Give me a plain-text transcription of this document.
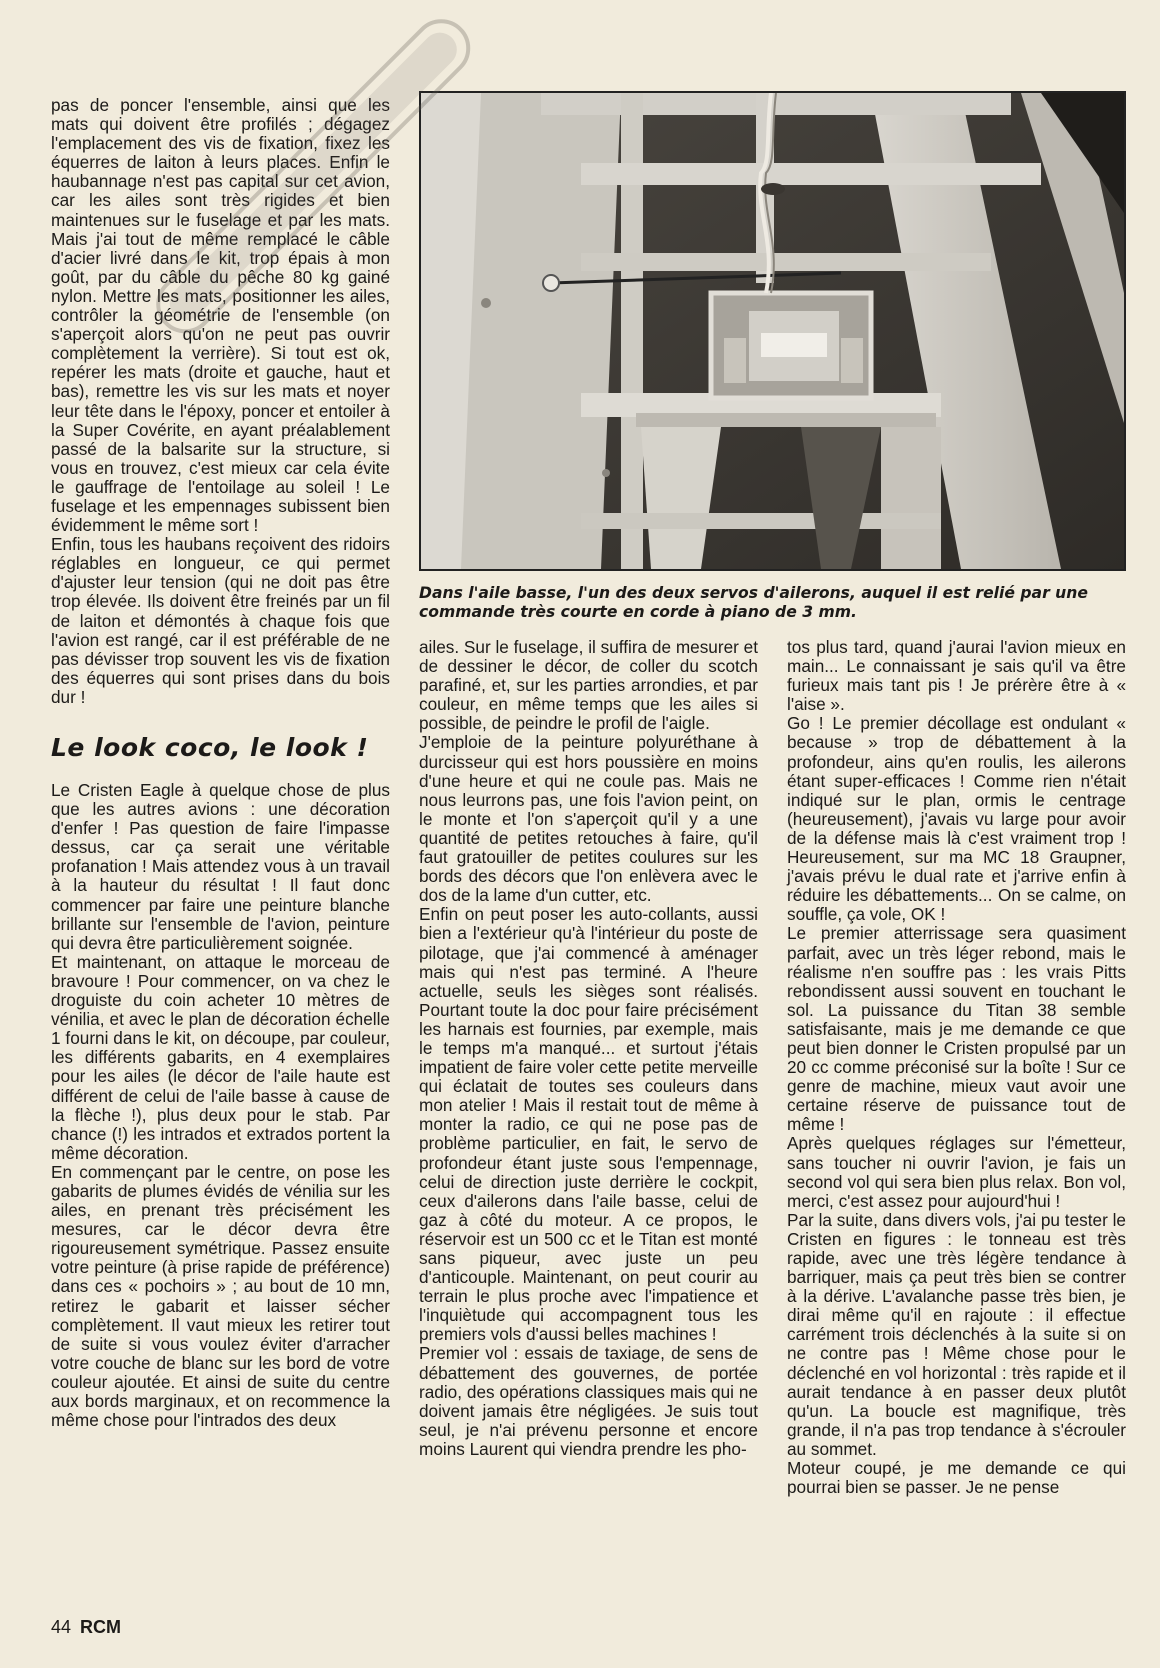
pas de poncer l'ensemble, ainsi que les mats qui doivent être profilés ; dégagez l'emplacement des vis de fixation, fixez les équerres de laiton à leurs places. Enfin le haubannage n'est pas capital sur cet avion, car les ailes sont très rigides et bien maintenues sur le fuselage et par les mats. Mais j'ai tout de même remplacé le câble d'acier livré dans le kit, trop épais à mon goût, par du câble du pêche 80 kg gainé nylon. Mettre les mats, positionner les ailes, contrôler la géométrie de l'ensemble (on s'aperçoit alors qu'on ne peut pas ouvrir complètement la verrière). Si tout est ok, repérer les mats (droite et gauche, haut et bas), remettre les vis sur les mats et noyer leur tête dans le l'époxy, poncer et entoiler à la Super Covérite, en ayant préalablement passé de la balsarite sur la structure, si vous en trouvez, c'est mieux car cela évite le gauffrage de l'entoilage au soleil ! Le fuselage et les empennages subissent bien évidemment le même sort !

Enfin, tous les haubans reçoivent des ridoirs réglables en longueur, ce qui permet d'ajuster leur tension (qui ne doit pas être trop élevée. Ils doivent être freinés par un fil de laiton et démontés à chaque fois que l'avion est rangé, car il est préférable de ne pas dévisser trop souvent les vis de fixation des équerres qui sont prises dans du bois dur !

Le look coco, le look !

Le Cristen Eagle à quelque chose de plus que les autres avions : une décoration d'enfer ! Pas question de faire l'impasse dessus, car ça serait une véritable profanation ! Mais attendez vous à un travail à la hauteur du résultat ! Il faut donc commencer par faire une peinture blanche brillante sur l'ensemble de l'avion, peinture qui devra être particulièrement soignée.

Et maintenant, on attaque le morceau de bravoure ! Pour commencer, on va chez le droguiste du coin acheter 10 mètres de vénilia, et avec le plan de décoration échelle 1 fourni dans le kit, on découpe, par couleur, les différents gabarits, en 4 exemplaires pour les ailes (le décor de l'aile haute est différent de celui de l'aile basse à cause de la flèche !), plus deux pour le stab. Par chance (!) les intrados et extrados portent la même décoration.

En commençant par le centre, on pose les gabarits de plumes évidés de vénilia sur les ailes, en prenant très précisément les mesures, car le décor devra être rigoureusement symétrique. Passez ensuite votre peinture (à prise rapide de préférence) dans ces « pochoirs » ; au bout de 10 mn, retirez le gabarit et laisser sécher complètement. Il vaut mieux les retirer tout de suite si vous voulez éviter d'arracher votre couche de blanc sur les bord de votre couleur ajoutée. Et ainsi de suite du centre aux bords marginaux, et on recommence la même chose pour l'intrados des deux

Dans l'aile basse, l'un des deux servos d'ailerons, auquel il est relié par une commande très courte en corde à piano de 3 mm.

ailes. Sur le fuselage, il suffira de mesurer et de dessiner le décor, de coller du scotch parafiné, et, sur les parties arrondies, et par couleur, en même temps que les ailes si possible, de peindre le profil de l'aigle.

J'emploie de la peinture polyuréthane à durcisseur qui est hors poussière en moins d'une heure et qui ne coule pas. Mais ne nous leurrons pas, une fois l'avion peint, on le monte et l'on s'aperçoit qu'il y a une quantité de petites retouches à faire, qu'il faut gratouiller de petites coulures sur les bords des décors que l'on enlèvera avec le dos de la lame d'un cutter, etc.

Enfin on peut poser les auto-collants, aussi bien a l'extérieur qu'à l'intérieur du poste de pilotage, que j'ai commencé à aménager mais qui n'est pas terminé. A l'heure actuelle, seuls les sièges sont réalisés. Pourtant toute la doc pour faire précisément les harnais est fournies, par exemple, mais le temps m'a manqué... et surtout j'étais impatient de faire voler cette petite merveille qui éclatait de toutes ses couleurs dans mon atelier ! Mais il restait tout de même à monter la radio, ce qui ne pose pas de problème particulier, en fait, le servo de profondeur étant juste sous l'empennage, celui de direction juste derrière le cockpit, ceux d'ailerons dans l'aile basse, celui de gaz à côté du moteur. A ce propos, le réservoir est un 500 cc et le Titan est monté sans piqueur, avec juste un peu d'anticouple. Maintenant, on peut courir au terrain le plus proche avec l'impatience et l'inquiètude qui accompagnent tous les premiers vols d'aussi belles machines !

Premier vol : essais de taxiage, de sens de débattement des gouvernes, de portée radio, des opérations classiques mais qui ne doivent jamais être négligées. Je suis tout seul, je n'ai prévenu personne et encore moins Laurent qui viendra prendre les pho-

tos plus tard, quand j'aurai l'avion mieux en main... Le connaissant je sais qu'il va être furieux mais tant pis ! Je prérère être à « l'aise ».

Go ! Le premier décollage est ondulant « because » trop de débattement à la profondeur, ains qu'en roulis, les ailerons étant super-efficaces ! Comme rien n'était indiqué sur le plan, ormis le centrage (heureusement), j'avais vu large pour avoir de la défense mais là c'est vraiment trop ! Heureusement, sur ma MC 18 Graupner, j'avais prévu le dual rate et j'arrive enfin à réduire les débattements... On se calme, on souffle, ça vole, OK !

Le premier atterrissage sera quasiment parfait, avec un très léger rebond, mais le réalisme n'en souffre pas : les vrais Pitts rebondissent aussi souvent en touchant le sol. La puissance du Titan 38 semble satisfaisante, mais je me demande ce que peut bien donner le Cristen propulsé par un 20 cc comme préconisé sur la boîte ! Sur ce genre de machine, mieux vaut avoir une certaine réserve de puissance tout de même !

Après quelques réglages sur l'émetteur, sans toucher ni ouvrir l'avion, je fais un second vol qui sera bien plus relax. Bon vol, merci, c'est assez pour aujourd'hui !

Par la suite, dans divers vols, j'ai pu tester le Cristen en figures : le tonneau est très rapide, avec une très légère tendance à barriquer, mais ça peut très bien se contrer à la dérive. L'avalanche passe très bien, je dirai même qu'il en rajoute : il effectue carrément trois déclenchés à la suite si on ne contre pas ! Même chose pour le déclenché en vol horizontal : très rapide et il aurait tendance à en passer deux plutôt qu'un. La boucle est magnifique, très grande, il n'a pas trop tendance à s'écrouler au sommet.

Moteur coupé, je me demande ce qui pourrai bien se passer. Je ne pense

44 RCM
